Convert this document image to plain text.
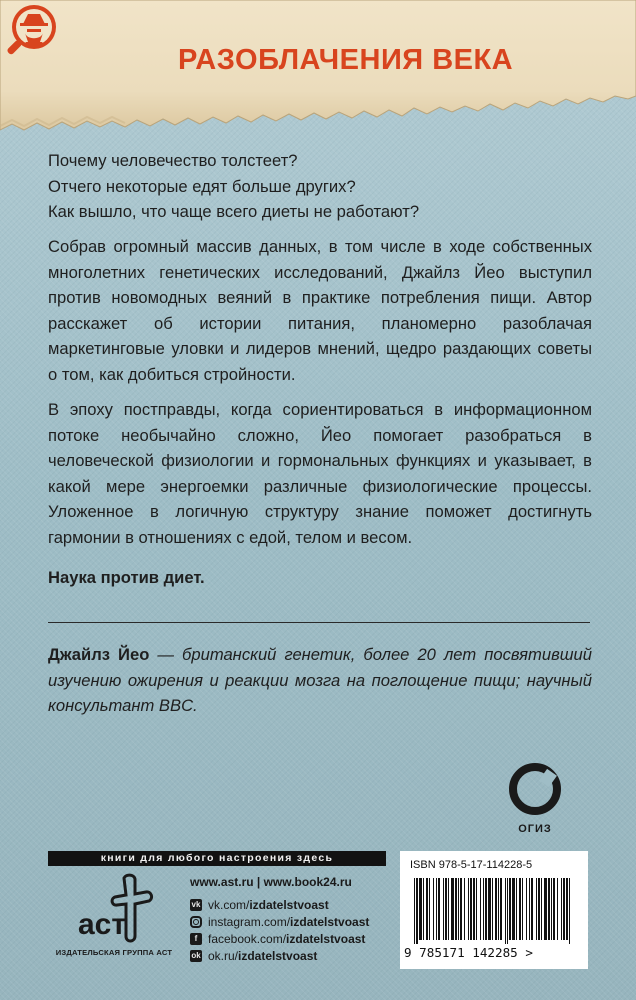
РАЗОБЛАЧЕНИЯ ВЕКА
Почему человечество толстеет?
Отчего некоторые едят больше других?
Как вышло, что чаще всего диеты не работают?

Собрав огромный массив данных, в том числе в ходе собственных многолетних генетических исследований, Джайлз Йео выступил против новомодных веяний в практике потребления пищи. Автор расскажет об истории питания, планомерно разоблачая маркетинговые уловки и лидеров мнений, щедро раздающих советы о том, как добиться стройности.

В эпоху постправды, когда сориентироваться в информационном потоке необычайно сложно, Йео помогает разобраться в человеческой физиологии и гормональных функциях и указывает, в какой мере энергоемки различные физиологические процессы. Уложенное в логичную структуру знание поможет достигнуть гармонии в отношениях с едой, телом и весом.

Наука против диет.
Джайлз Йео — британский генетик, более 20 лет посвятивший изучению ожирения и реакции мозга на поглощение пищи; научный консультант BBC.
ОГИЗ
книги для любого настроения здесь
аст
ИЗДАТЕЛЬСКАЯ ГРУППА АСТ
www.ast.ru | www.book24.ru
vk vk.com/izdatelstvoast
instagram.com/izdatelstvoast
f facebook.com/izdatelstvoast
ok ok.ru/izdatelstvoast
ISBN 978-5-17-114228-5
9 785171 142285 >
